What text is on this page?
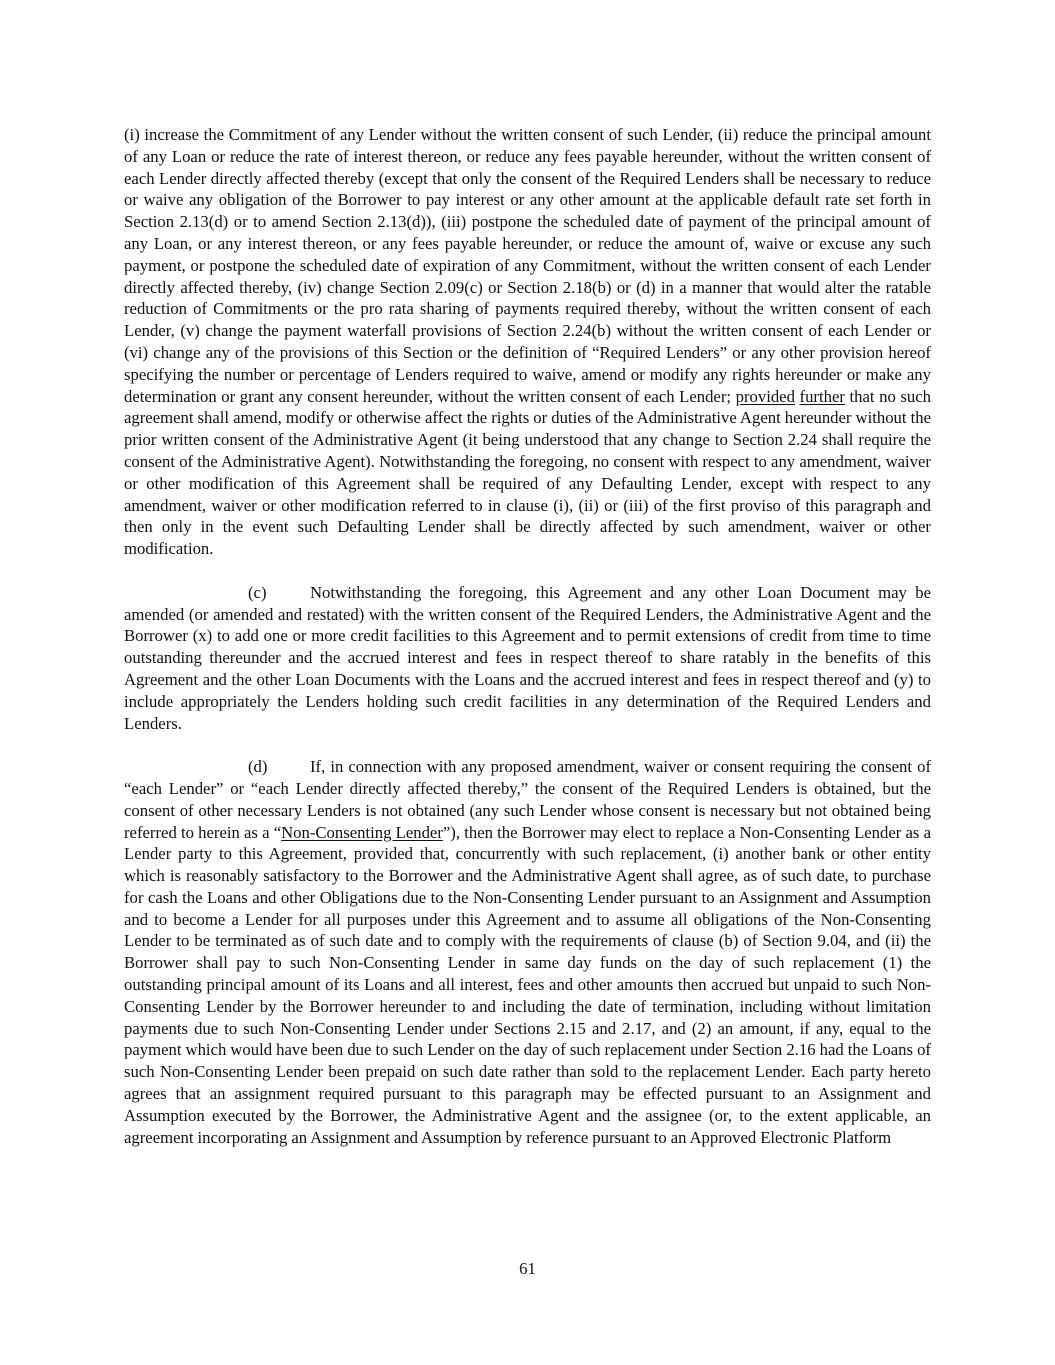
(i) increase the Commitment of any Lender without the written consent of such Lender, (ii) reduce the principal amount of any Loan or reduce the rate of interest thereon, or reduce any fees payable hereunder, without the written consent of each Lender directly affected thereby (except that only the consent of the Required Lenders shall be necessary to reduce or waive any obligation of the Borrower to pay interest or any other amount at the applicable default rate set forth in Section 2.13(d) or to amend Section 2.13(d)), (iii) postpone the scheduled date of payment of the principal amount of any Loan, or any interest thereon, or any fees payable hereunder, or reduce the amount of, waive or excuse any such payment, or postpone the scheduled date of expiration of any Commitment, without the written consent of each Lender directly affected thereby, (iv) change Section 2.09(c) or Section 2.18(b) or (d) in a manner that would alter the ratable reduction of Commitments or the pro rata sharing of payments required thereby, without the written consent of each Lender, (v) change the payment waterfall provisions of Section 2.24(b) without the written consent of each Lender or (vi) change any of the provisions of this Section or the definition of “Required Lenders” or any other provision hereof specifying the number or percentage of Lenders required to waive, amend or modify any rights hereunder or make any determination or grant any consent hereunder, without the written consent of each Lender; provided further that no such agreement shall amend, modify or otherwise affect the rights or duties of the Administrative Agent hereunder without the prior written consent of the Administrative Agent (it being understood that any change to Section 2.24 shall require the consent of the Administrative Agent). Notwithstanding the foregoing, no consent with respect to any amendment, waiver or other modification of this Agreement shall be required of any Defaulting Lender, except with respect to any amendment, waiver or other modification referred to in clause (i), (ii) or (iii) of the first proviso of this paragraph and then only in the event such Defaulting Lender shall be directly affected by such amendment, waiver or other modification.

(c)	Notwithstanding the foregoing, this Agreement and any other Loan Document may be amended (or amended and restated) with the written consent of the Required Lenders, the Administrative Agent and the Borrower (x) to add one or more credit facilities to this Agreement and to permit extensions of credit from time to time outstanding thereunder and the accrued interest and fees in respect thereof to share ratably in the benefits of this Agreement and the other Loan Documents with the Loans and the accrued interest and fees in respect thereof and (y) to include appropriately the Lenders holding such credit facilities in any determination of the Required Lenders and Lenders.

(d)	If, in connection with any proposed amendment, waiver or consent requiring the consent of “each Lender” or “each Lender directly affected thereby,” the consent of the Required Lenders is obtained, but the consent of other necessary Lenders is not obtained (any such Lender whose consent is necessary but not obtained being referred to herein as a “Non-Consenting Lender”), then the Borrower may elect to replace a Non-Consenting Lender as a Lender party to this Agreement, provided that, concurrently with such replacement, (i) another bank or other entity which is reasonably satisfactory to the Borrower and the Administrative Agent shall agree, as of such date, to purchase for cash the Loans and other Obligations due to the Non-Consenting Lender pursuant to an Assignment and Assumption and to become a Lender for all purposes under this Agreement and to assume all obligations of the Non-Consenting Lender to be terminated as of such date and to comply with the requirements of clause (b) of Section 9.04, and (ii) the Borrower shall pay to such Non-Consenting Lender in same day funds on the day of such replacement (1) the outstanding principal amount of its Loans and all interest, fees and other amounts then accrued but unpaid to such Non-Consenting Lender by the Borrower hereunder to and including the date of termination, including without limitation payments due to such Non-Consenting Lender under Sections 2.15 and 2.17, and (2) an amount, if any, equal to the payment which would have been due to such Lender on the day of such replacement under Section 2.16 had the Loans of such Non-Consenting Lender been prepaid on such date rather than sold to the replacement Lender. Each party hereto agrees that an assignment required pursuant to this paragraph may be effected pursuant to an Assignment and Assumption executed by the Borrower, the Administrative Agent and the assignee (or, to the extent applicable, an agreement incorporating an Assignment and Assumption by reference pursuant to an Approved Electronic Platform

61
